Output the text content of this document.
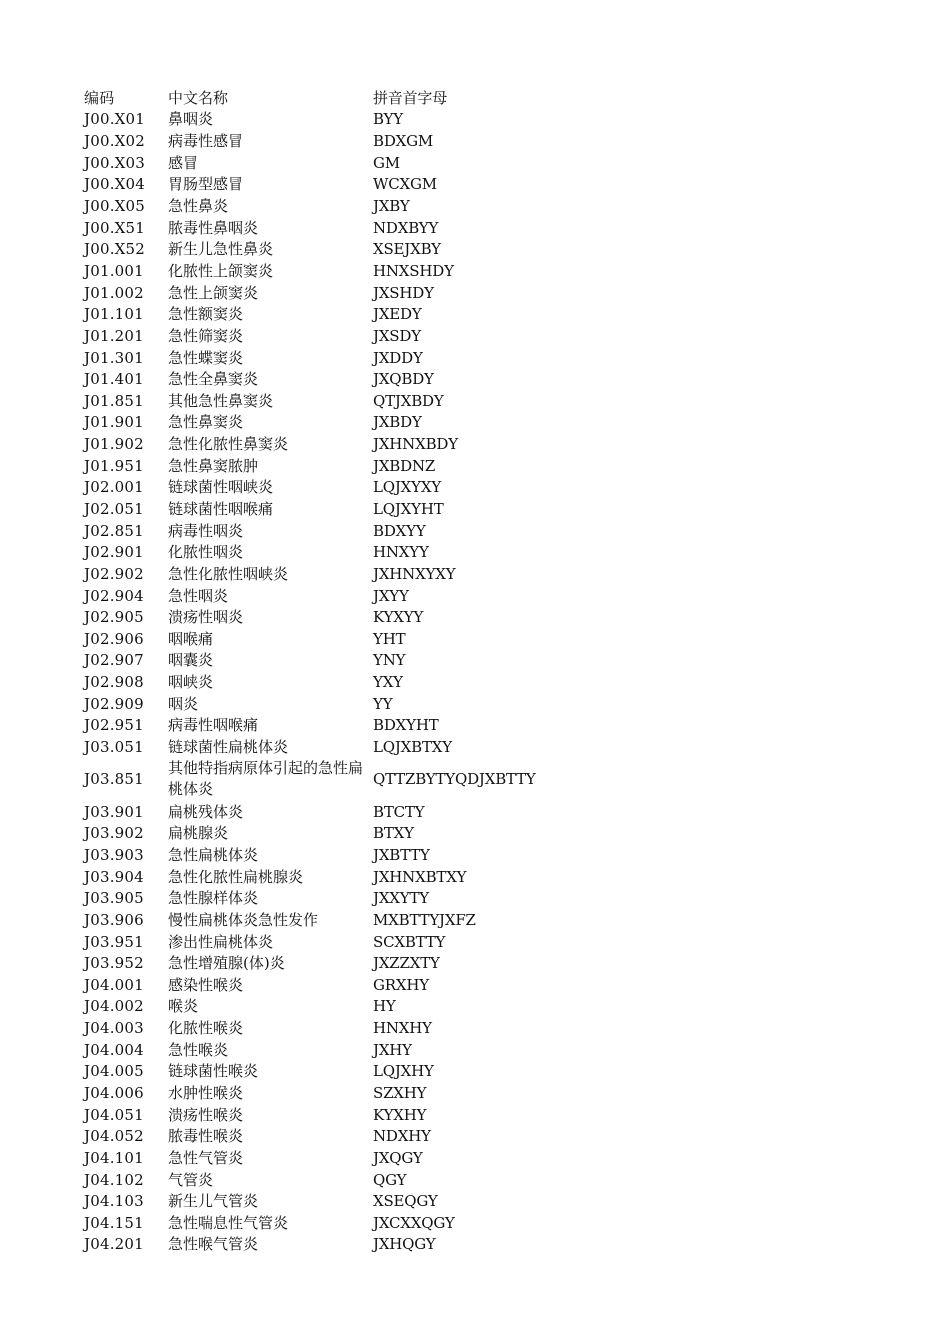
编码	中文名称	拼音首字母
J00.X01	鼻咽炎	BYY
J00.X02	病毒性感冒	BDXGM
J00.X03	感冒	GM
J00.X04	胃肠型感冒	WCXGM
J00.X05	急性鼻炎	JXBY
J00.X51	脓毒性鼻咽炎	NDXBYY
J00.X52	新生儿急性鼻炎	XSEJXBY
J01.001	化脓性上颌窦炎	HNXSHDY
J01.002	急性上颌窦炎	JXSHDY
J01.101	急性额窦炎	JXEDY
J01.201	急性筛窦炎	JXSDY
J01.301	急性蝶窦炎	JXDDY
J01.401	急性全鼻窦炎	JXQBDY
J01.851	其他急性鼻窦炎	QTJXBDY
J01.901	急性鼻窦炎	JXBDY
J01.902	急性化脓性鼻窦炎	JXHNXBDY
J01.951	急性鼻窦脓肿	JXBDNZ
J02.001	链球菌性咽峡炎	LQJXYXY
J02.051	链球菌性咽喉痛	LQJXYHT
J02.851	病毒性咽炎	BDXYY
J02.901	化脓性咽炎	HNXYY
J02.902	急性化脓性咽峡炎	JXHNXYXY
J02.904	急性咽炎	JXYY
J02.905	溃疡性咽炎	KYXYY
J02.906	咽喉痛	YHT
J02.907	咽囊炎	YNY
J02.908	咽峡炎	YXY
J02.909	咽炎	YY
J02.951	病毒性咽喉痛	BDXYHT
J03.051	链球菌性扁桃体炎	LQJXBTXY
J03.851	其他特指病原体引起的急性扁桃体炎	QTTZBYTYQDJXBTTY
J03.901	扁桃残体炎	BTCTY
J03.902	扁桃腺炎	BTXY
J03.903	急性扁桃体炎	JXBTTY
J03.904	急性化脓性扁桃腺炎	JXHNXBTXY
J03.905	急性腺样体炎	JXXYTY
J03.906	慢性扁桃体炎急性发作	MXBTTYJXFZ
J03.951	渗出性扁桃体炎	SCXBTTY
J03.952	急性增殖腺(体)炎	JXZZXTY
J04.001	感染性喉炎	GRXHY
J04.002	喉炎	HY
J04.003	化脓性喉炎	HNXHY
J04.004	急性喉炎	JXHY
J04.005	链球菌性喉炎	LQJXHY
J04.006	水肿性喉炎	SZXHY
J04.051	溃疡性喉炎	KYXHY
J04.052	脓毒性喉炎	NDXHY
J04.101	急性气管炎	JXQGY
J04.102	气管炎	QGY
J04.103	新生儿气管炎	XSEQGY
J04.151	急性喘息性气管炎	JXCXXQGY
J04.201	急性喉气管炎	JXHQGY
